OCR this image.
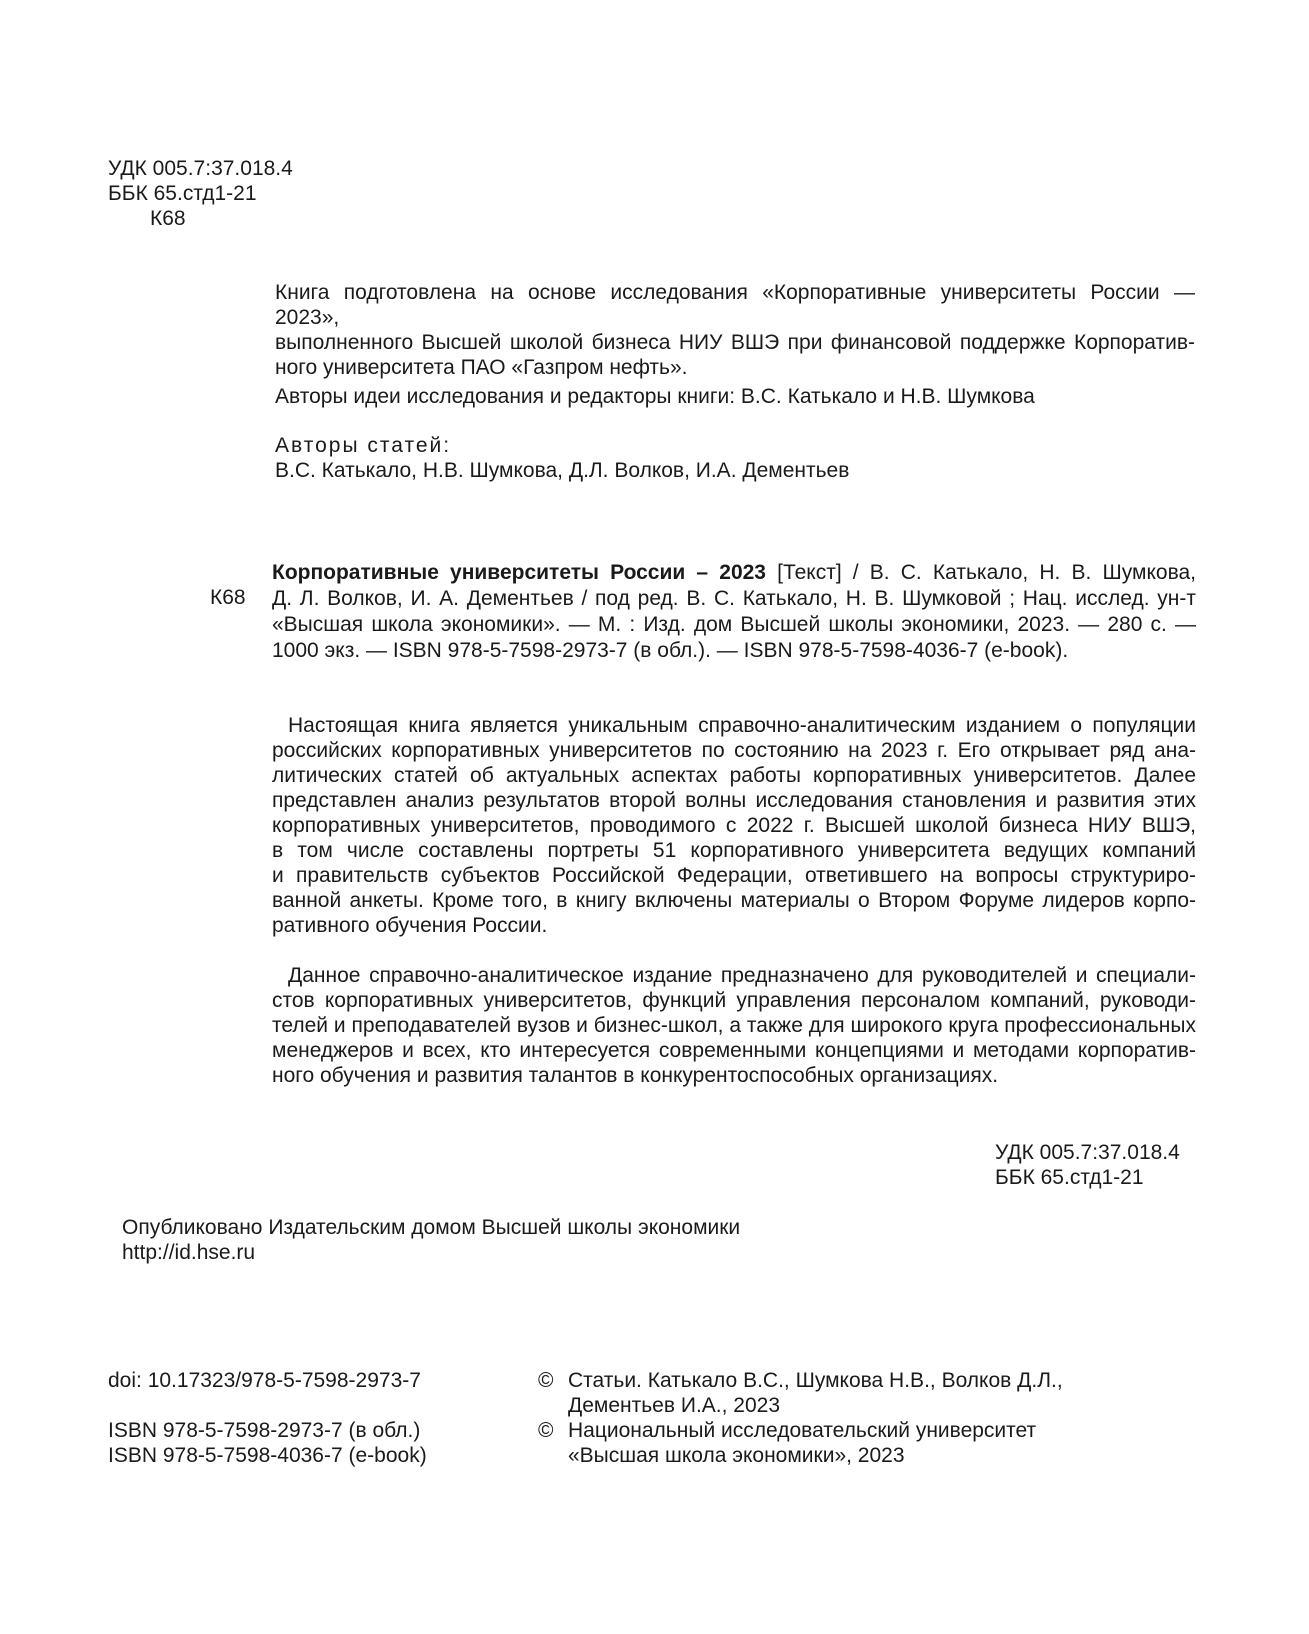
УДК 005.7:37.018.4
ББК 65.стд1-21
К68
Книга подготовлена на основе исследования «Корпоративные университеты России — 2023»,
выполненного Высшей школой бизнеса НИУ ВШЭ при финансовой поддержке Корпоратив-
ного университета ПАО «Газпром нефть».
Авторы идеи исследования и редакторы книги: В.С. Катькало и Н.В. Шумкова
Авторы статей:
В.С. Катькало, Н.В. Шумкова, Д.Л. Волков, И.А. Дементьев
К68
Корпоративные университеты России – 2023 [Текст] / В. С. Катькало, Н. В. Шумкова,
Д. Л. Волков, И. А. Дементьев / под ред. В. С. Катькало, Н. В. Шумковой ; Нац. исслед. ун-т
«Высшая школа экономики». — М. : Изд. дом Высшей школы экономики, 2023. — 280 с. —
1000 экз. — ISBN 978-5-7598-2973-7 (в обл.). — ISBN 978-5-7598-4036-7 (e-book).
Настоящая книга является уникальным справочно-аналитическим изданием о популяции
российских корпоративных университетов по состоянию на 2023 г. Его открывает ряд ана-
литических статей об актуальных аспектах работы корпоративных университетов. Далее
представлен анализ результатов второй волны исследования становления и развития этих
корпоративных университетов, проводимого с 2022 г. Высшей школой бизнеса НИУ ВШЭ,
в том числе составлены портреты 51 корпоративного университета ведущих компаний
и правительств субъектов Российской Федерации, ответившего на вопросы структуриро-
ванной анкеты. Кроме того, в книгу включены материалы о Втором Форуме лидеров корпо-
ративного обучения России.
Данное справочно-аналитическое издание предназначено для руководителей и специали-
стов корпоративных университетов, функций управления персоналом компаний, руководи-
телей и преподавателей вузов и бизнес-школ, а также для широкого круга профессиональных
менеджеров и всех, кто интересуется современными концепциями и методами корпоратив-
ного обучения и развития талантов в конкурентоспособных организациях.
УДК 005.7:37.018.4
ББК 65.стд1-21
Опубликовано Издательским домом Высшей школы экономики
http://id.hse.ru
doi: 10.17323/978-5-7598-2973-7
ISBN 978-5-7598-2973-7 (в обл.)
ISBN 978-5-7598-4036-7 (e-book)
© Статьи. Катькало В.С., Шумкова Н.В., Волков Д.Л.,
Дементьев И.А., 2023
© Национальный исследовательский университет
«Высшая школа экономики», 2023
